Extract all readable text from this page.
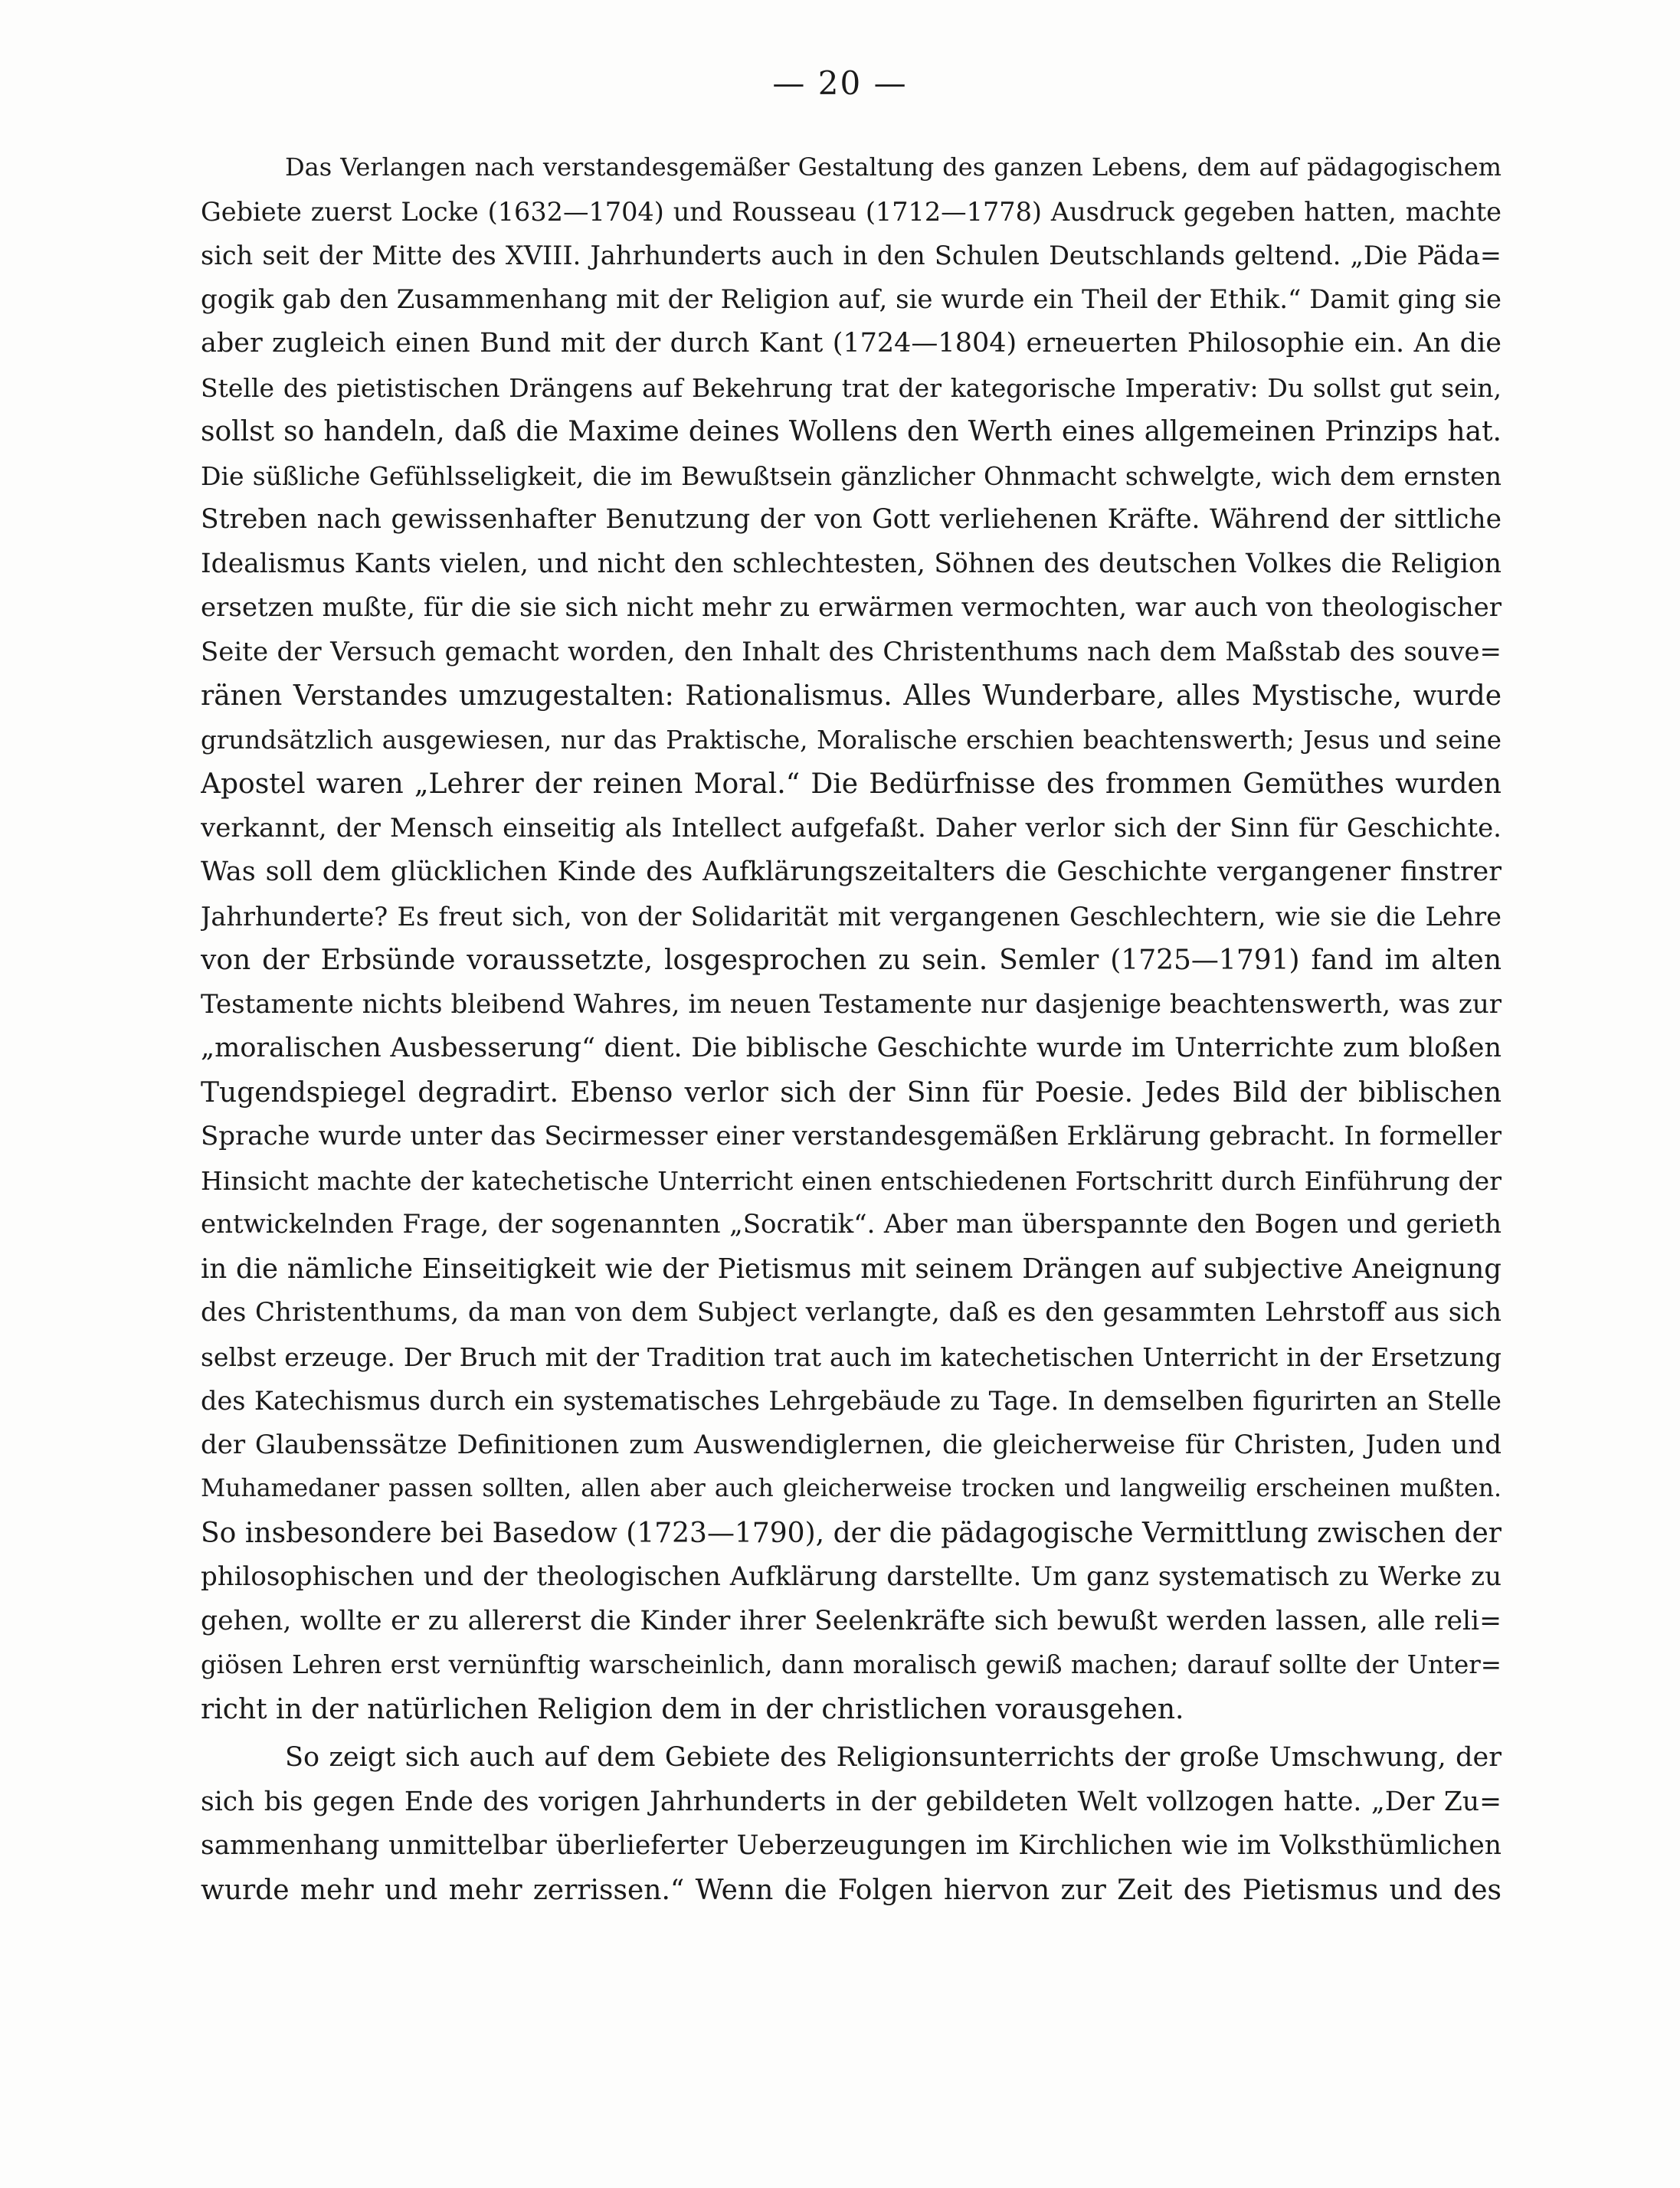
— 20 —
Das Verlangen nach verstandesgemäßer Gestaltung des ganzen Lebens, dem auf pädagogischem
Gebiete zuerst Locke (1632—1704) und Rousseau (1712—1778) Ausdruck gegeben hatten, machte
sich seit der Mitte des XVIII. Jahrhunderts auch in den Schulen Deutschlands geltend. „Die Päda=
gogik gab den Zusammenhang mit der Religion auf, sie wurde ein Theil der Ethik.“ Damit ging sie
aber zugleich einen Bund mit der durch Kant (1724—1804) erneuerten Philosophie ein. An die
Stelle des pietistischen Drängens auf Bekehrung trat der kategorische Imperativ: Du sollst gut sein,
sollst so handeln, daß die Maxime deines Wollens den Werth eines allgemeinen Prinzips hat.
Die süßliche Gefühlsseligkeit, die im Bewußtsein gänzlicher Ohnmacht schwelgte, wich dem ernsten
Streben nach gewissenhafter Benutzung der von Gott verliehenen Kräfte. Während der sittliche
Idealismus Kants vielen, und nicht den schlechtesten, Söhnen des deutschen Volkes die Religion
ersetzen mußte, für die sie sich nicht mehr zu erwärmen vermochten, war auch von theologischer
Seite der Versuch gemacht worden, den Inhalt des Christenthums nach dem Maßstab des souve=
ränen Verstandes umzugestalten: Rationalismus. Alles Wunderbare, alles Mystische, wurde
grundsätzlich ausgewiesen, nur das Praktische, Moralische erschien beachtenswerth; Jesus und seine
Apostel waren „Lehrer der reinen Moral.“ Die Bedürfnisse des frommen Gemüthes wurden
verkannt, der Mensch einseitig als Intellect aufgefaßt. Daher verlor sich der Sinn für Geschichte.
Was soll dem glücklichen Kinde des Aufklärungszeitalters die Geschichte vergangener finstrer
Jahrhunderte? Es freut sich, von der Solidarität mit vergangenen Geschlechtern, wie sie die Lehre
von der Erbsünde voraussetzte, losgesprochen zu sein. Semler (1725—1791) fand im alten
Testamente nichts bleibend Wahres, im neuen Testamente nur dasjenige beachtenswerth, was zur
„moralischen Ausbesserung“ dient. Die biblische Geschichte wurde im Unterrichte zum bloßen
Tugendspiegel degradirt. Ebenso verlor sich der Sinn für Poesie. Jedes Bild der biblischen
Sprache wurde unter das Secirmesser einer verstandesgemäßen Erklärung gebracht. In formeller
Hinsicht machte der katechetische Unterricht einen entschiedenen Fortschritt durch Einführung der
entwickelnden Frage, der sogenannten „Socratik“. Aber man überspannte den Bogen und gerieth
in die nämliche Einseitigkeit wie der Pietismus mit seinem Drängen auf subjective Aneignung
des Christenthums, da man von dem Subject verlangte, daß es den gesammten Lehrstoff aus sich
selbst erzeuge. Der Bruch mit der Tradition trat auch im katechetischen Unterricht in der Ersetzung
des Katechismus durch ein systematisches Lehrgebäude zu Tage. In demselben figurirten an Stelle
der Glaubenssätze Definitionen zum Auswendiglernen, die gleicherweise für Christen, Juden und
Muhamedaner passen sollten, allen aber auch gleicherweise trocken und langweilig erscheinen mußten.
So insbesondere bei Basedow (1723—1790), der die pädagogische Vermittlung zwischen der
philosophischen und der theologischen Aufklärung darstellte. Um ganz systematisch zu Werke zu
gehen, wollte er zu allererst die Kinder ihrer Seelenkräfte sich bewußt werden lassen, alle reli=
giösen Lehren erst vernünftig warscheinlich, dann moralisch gewiß machen; darauf sollte der Unter=
richt in der natürlichen Religion dem in der christlichen vorausgehen.
So zeigt sich auch auf dem Gebiete des Religionsunterrichts der große Umschwung, der
sich bis gegen Ende des vorigen Jahrhunderts in der gebildeten Welt vollzogen hatte. „Der Zu=
sammenhang unmittelbar überlieferter Ueberzeugungen im Kirchlichen wie im Volksthümlichen
wurde mehr und mehr zerrissen.“ Wenn die Folgen hiervon zur Zeit des Pietismus und des
